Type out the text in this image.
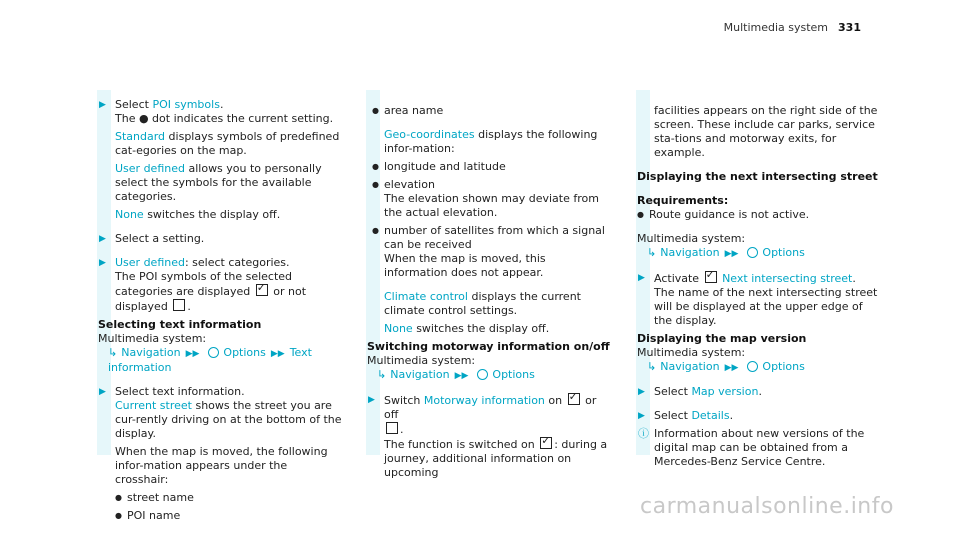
Multimedia system 331
▶ Select POI symbols.
The ● dot indicates the current setting.
Standard displays symbols of predefined cat-egories on the map.
User defined allows you to personally select the symbols for the available categories.
None switches the display off.
▶ Select a setting.
▶ User defined: select categories.
The POI symbols of the selected categories are displayed ✓ or not displayed .
Selecting text information
Multimedia system:
↳ Navigation ▶▶ Options ▶▶ Text information
▶ Select text information.
Current street shows the street you are cur-rently driving on at the bottom of the display.
When the map is moved, the following infor-mation appears under the crosshair:
● street name
● POI name
● area name
Geo-coordinates displays the following infor-mation:
● longitude and latitude
● elevation
The elevation shown may deviate from the actual elevation.
● number of satellites from which a signal can be received
When the map is moved, this information does not appear.
Climate control displays the current climate control settings.
None switches the display off.
Switching motorway information on/off
Multimedia system:
↳ Navigation ▶▶ Options
▶ Switch Motorway information on ✓ or off
.
The function is switched on ✓: during a journey, additional information on upcoming
facilities appears on the right side of the screen. These include car parks, service sta-tions and motorway exits, for example.
Displaying the next intersecting street
Requirements:
● Route guidance is not active.
Multimedia system:
↳ Navigation ▶▶ Options
▶ Activate ✓ Next intersecting street.
The name of the next intersecting street will be displayed at the upper edge of the display.
Displaying the map version
Multimedia system:
↳ Navigation ▶▶ Options
▶ Select Map version.
▶ Select Details.
ⓘ Information about new versions of the digital map can be obtained from a Mercedes-Benz Service Centre.
carmanualsonline.info
